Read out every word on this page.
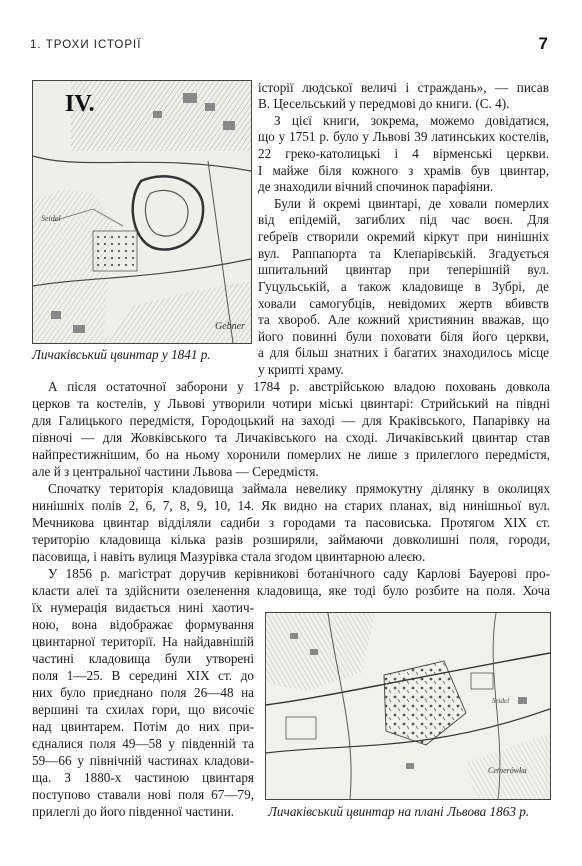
1. ТРОХИ ІСТОРІЇ	7
Gebner
Seidel
IV.
Личаківський цвинтар у 1841 р.
Cetnerówka
Seidel
Личаківський цвинтар на плані Львова 1863 р.
історії людської величі і страждань», — писав
В. Цесельський у передмові до книги. (С. 4).
З цієї книги, зокрема, можемо довідатися,
що у 1751 р. було у Львові 39 латинських костелів,
22 греко-католицькі і 4 вірменські церкви.
І майже біля кожного з храмів був цвинтар,
де знаходили вічний спочинок парафіяни.
Були й окремі цвинтарі, де ховали померлих
від епідемій, загиблих під час воєн. Для
гебреїв створили окремий кіркут при нинішніх
вул. Раппапорта та Клепарівській. Згадується
шпитальний цвинтар при теперішній вул.
Гуцульській, а також кладовище в Зубрі, де
ховали самогубців, невідомих жертв вбивств
та хвороб. Але кожний християнин вважав, що
його повинні були поховати біля його церкви,
а для більш знатних і багатих знаходилось місце
у крипті храму.
А після остаточної заборони у 1784 р. австрійською владою поховань довкола
церков та костелів, у Львові утворили чотири міські цвинтарі: Стрийський на півдні
для Галицького передмістя, Городоцький на заході — для Краківського, Папарівку на
півночі — для Жовківського та Личаківського на сході. Личаківський цвинтар став
найпрестижнішим, бо на ньому хоронили померлих не лише з прилеглого передмістя,
але й з центральної частини Львова — Середмістя.
Спочатку територія кладовища займала невелику прямокутну ділянку в околицях
нинішніх полів 2, 6, 7, 8, 9, 10, 14. Як видно на старих планах, від нинішньої вул.
Мечникова цвинтар відділяли садиби з городами та пасовиська. Протягом XIX ст.
територію кладовища кілька разів розширяли, займаючи довколишні поля, городи,
пасовища, і навіть вулиця Мазурівка стала згодом цвинтарною алеєю.
У 1856 р. магістрат доручив керівникові ботанічного саду Карлові Бауерові про-
класти алеї та здійснити озеленення кладовища, яке тоді було розбите на поля. Хоча
їх нумерація видається нині хаотич-
ною, вона відображає формування
цвинтарної території. На найдавнішій
частині кладовища були утворені
поля 1—25. В середині XIX ст. до
них було приєднано поля 26—48 на
вершині та схилах гори, що височіє
над цвинтарем. Потім до них при-
єдналися поля 49—58 у південній та
59—66 у північній частинах кладови-
ща. З 1880-х частиною цвинтаря
поступово ставали нові поля 67—79,
прилеглі до його південної частини.
